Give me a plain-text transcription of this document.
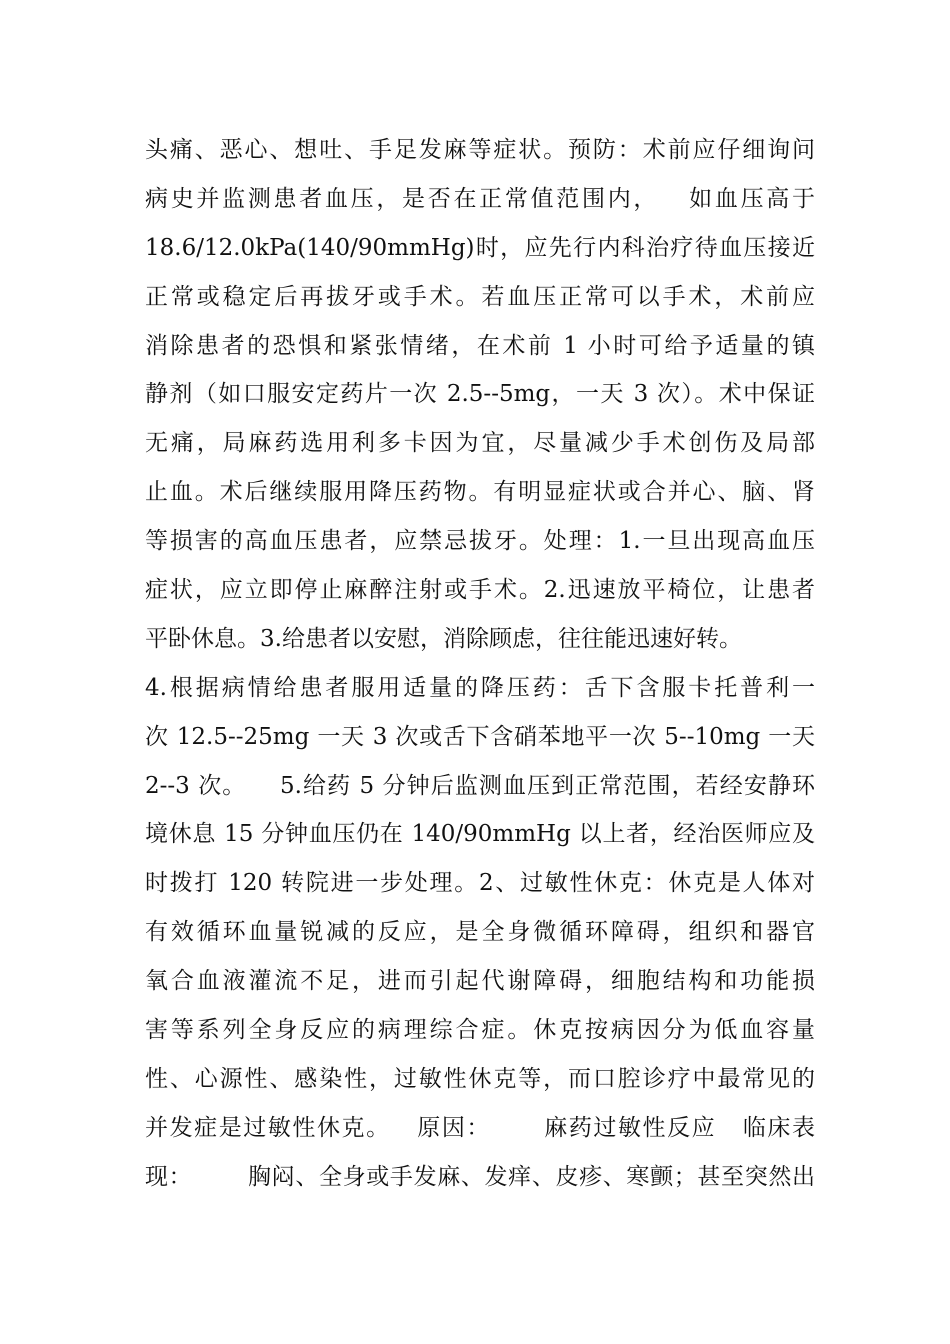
头痛、恶心、想吐、手足发麻等症状。预防：术前应仔细询问
病史并监测患者血压，是否在正常值范围内，   如血压高于
18.6/12.0kPa(140/90mmHg)时，应先行内科治疗待血压接近
正常或稳定后再拔牙或手术。若血压正常可以手术，术前应
消除患者的恐惧和紧张情绪，在术前 1 小时可给予适量的镇
静剂（如口服安定药片一次 2.5--5mg，一天 3 次）。术中保证
无痛，局麻药选用利多卡因为宜，尽量减少手术创伤及局部
止血。术后继续服用降压药物。有明显症状或合并心、脑、肾
等损害的高血压患者，应禁忌拔牙。处理：1.一旦出现高血压
症状，应立即停止麻醉注射或手术。2.迅速放平椅位，让患者
平卧休息。3.给患者以安慰，消除顾虑，往往能迅速好转。
4.根据病情给患者服用适量的降压药：舌下含服卡托普利一
次 12.5--25mg 一天 3 次或舌下含硝苯地平一次 5--10mg 一天
2--3 次。    5.给药 5 分钟后监测血压到正常范围，若经安静环
境休息 15 分钟血压仍在 140/90mmHg 以上者，经治医师应及
时拨打 120 转院进一步处理。2、过敏性休克：休克是人体对
有效循环血量锐减的反应，是全身微循环障碍，组织和器官
氧合血液灌流不足，进而引起代谢障碍，细胞结构和功能损
害等系列全身反应的病理综合症。休克按病因分为低血容量
性、心源性、感染性，过敏性休克等，而口腔诊疗中最常见的
并发症是过敏性休克。   原因：      麻药过敏性反应   临床表
现：       胸闷、全身或手发麻、发痒、皮疹、寒颤；甚至突然出
